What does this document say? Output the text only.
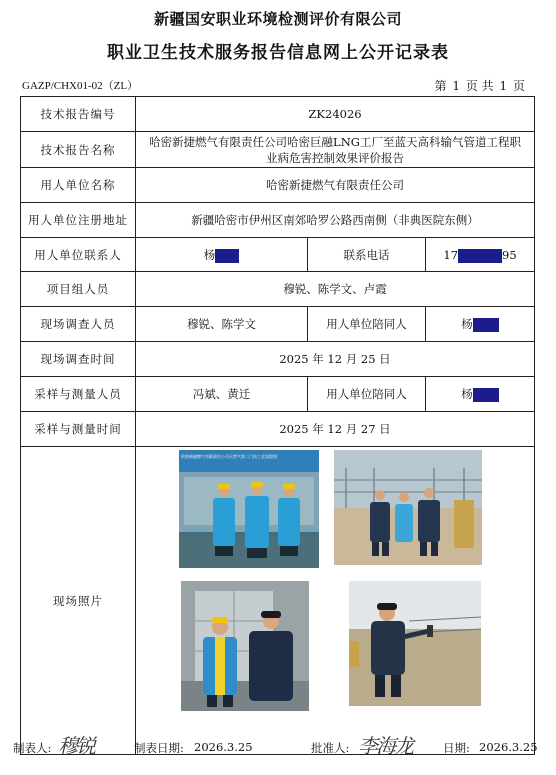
新疆国安职业环境检测评价有限公司
职业卫生技术服务报告信息网上公开记录表
GAZP/CHX01-02（ZL）	第 1 页 共 1 页
技术报告编号	ZK24026		
技术报告名称	哈密新捷燃气有限责任公司哈密巨融LNG工厂至蓝天高科输气管道工程职业病危害控制效果评价报告		
用人单位名称	哈密新捷燃气有限责任公司		
用人单位注册地址	新疆哈密市伊州区南郊哈罗公路西南侧（非典医院东侧）		
用人单位联系人	杨	联系电话	17 95
项目组人员	穆锐、陈学文、卢霞		
现场调查人员	穆锐、陈学文	用人单位陪同人	杨
现场调查时间	2025 年 12 月 25 日		
采样与测量人员	冯斌、黄迁	用人单位陪同人	杨
采样与测量时间	2025 年 12 月 27 日		
现场照片	哈密新捷燃气有限责任公司天然气第二门站工艺流程图		
制表人: 穆锐	制表日期: 2026.3.25	批准人: 李海龙	日期: 2026.3.25
